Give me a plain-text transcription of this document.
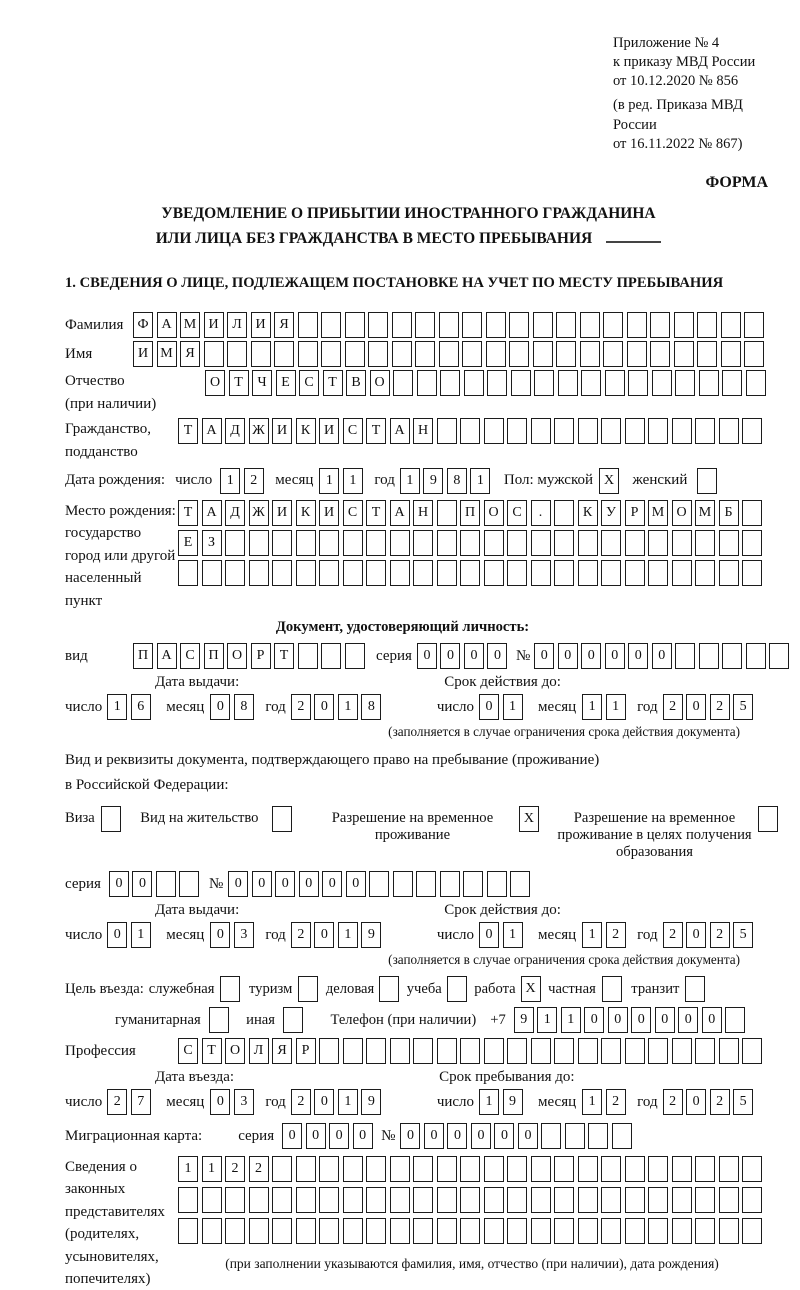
Приложение № 4
к приказу МВД России
от 10.12.2020 № 856
(в ред. Приказа МВД России
от 16.11.2022 № 867)
ФОРМА
УВЕДОМЛЕНИЕ О ПРИБЫТИИ ИНОСТРАННОГО ГРАЖДАНИНА
ИЛИ ЛИЦА БЕЗ ГРАЖДАНСТВА В МЕСТО ПРЕБЫВАНИЯ
1. СВЕДЕНИЯ О ЛИЦЕ, ПОДЛЕЖАЩЕМ ПОСТАНОВКЕ НА УЧЕТ ПО МЕСТУ ПРЕБЫВАНИЯ
Фамилия	Ф А М И Л И Я
Имя	И М Я
Отчество
(при наличии)
О	Т	Ч	Е	С	Т	В О
Гражданство,
подданство
Т	А Д Ж И К И С	Т	А Н
Дата рождения: число	1	2	месяц 1	1	год 1	9	8	1	Пол: мужской X	женский
Место рождения:
государство
город или другой
населенный пункт
Т	А Д Ж И К И С	Т	А Н	П О С	.	К У	Р М О М Б
Е	З
Документ, удостоверяющий личность:
вид	П А С П О	Р	Т	серия 0	0	0	0	№ 0	0	0	0	0	0
Дата выдачи:	Срок действия до:
число 1	6	месяц 0	8	год 2	0	1	8	число 0	1	месяц 1	1	год 2	0	2	5
(заполняется в случае ограничения срока действия документа)
Вид и реквизиты документа, подтверждающего право на пребывание (проживание)
в Российской Федерации:
Виза	Вид на жительство	Разрешение на временное проживание
X	Разрешение на временное проживание в целях получения образования
серия	0	0	№ 0	0	0	0	0	0
Дата выдачи:	Срок действия до:
число 0	1	месяц 0	3	год 2	0	1	9	число 0	1	месяц 1	2	год 2	0	2	5
(заполняется в случае ограничения срока действия документа)
Цель въезда: служебная туризм деловая учеба работа X частная транзит
гуманитарная	иная	Телефон (при наличии) +7	9	1	1	0	0	0	0	0	0
Профессия	С	Т	О Л	Я	Р
Дата въезда:	Срок пребывания до:
число 2	7	месяц 0	3	год 2	0	1	9	число 1	9	месяц 1	2	год 2	0	2	5
Миграционная карта: серия	0	0	0	0	№ 0	0	0	0	0	0
Сведения о
законных
представителях
(родителях,
усыновителях,
попечителях)
1	1	2	2
(при заполнении указываются фамилия, имя, отчество (при наличии), дата рождения)
